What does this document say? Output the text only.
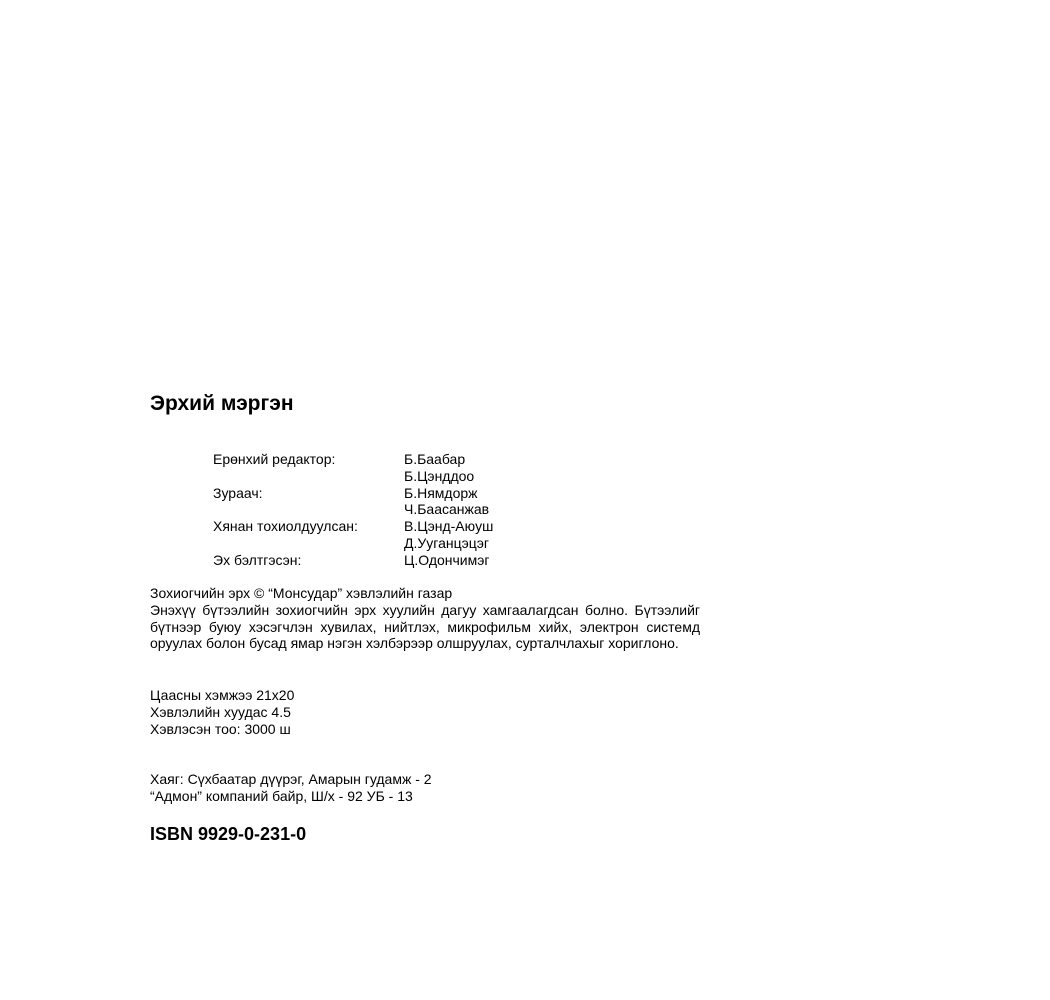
Эрхий мэргэн
Ерөнхий редактор:	Б.Баабар
Б.Цэнддоо
Зураач:	Б.Нямдорж
Ч.Баасанжав
Хянан тохиолдуулсан:	В.Цэнд-Аюуш
Д.Ууганцэцэг
Эх бэлтгэсэн:	Ц.Одончимэг

Зохиогчийн эрх © “Монсудар” хэвлэлийн газар

Энэхүү бүтээлийн зохиогчийн эрх хуулийн дагуу хамгаалагдсан болно. Бүтээлийг бүтнээр буюу хэсэгчлэн хувилах, нийтлэх, микрофильм хийх, электрон системд оруулах болон бусад ямар нэгэн хэлбэрээр олшруулах, сурталчлахыг хориглоно.

Цаасны хэмжээ 21х20
Хэвлэлийн хуудас 4.5
Хэвлэсэн тоо: 3000 ш
Хаяг: Сүхбаатар дүүрэг, Амарын гудамж - 2
“Адмон” компаний байр, Ш/х - 92 УБ - 13
ISBN 9929-0-231-0
